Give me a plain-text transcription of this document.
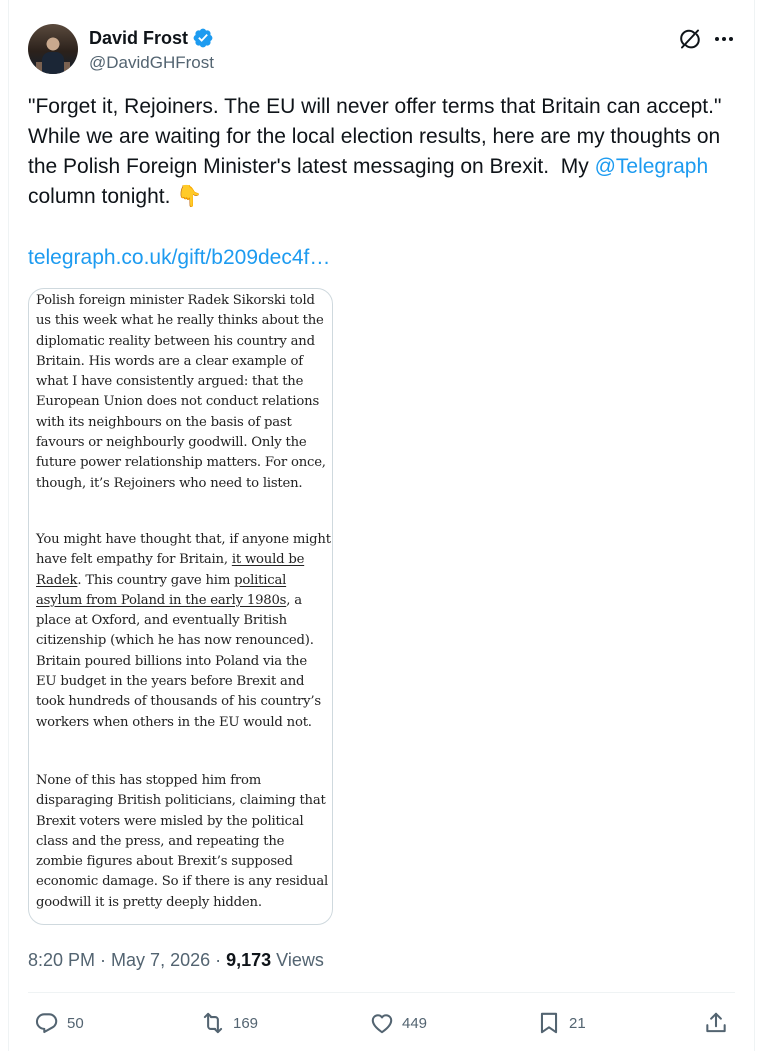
David Frost
@DavidGHFrost
"Forget it, Rejoiners. The EU will never offer terms that Britain can accept."  While we are waiting for the local election results, here are my thoughts on the Polish Foreign Minister's latest messaging on Brexit.  My @Telegraph column tonight. 👇
telegraph.co.uk/gift/b209dec4f…

Polish foreign minister Radek Sikorski told us this week what he really thinks about the diplomatic reality between his country and Britain. His words are a clear example of what I have consistently argued: that the European Union does not conduct relations with its neighbours on the basis of past favours or neighbourly goodwill. Only the future power relationship matters. For once, though, it’s Rejoiners who need to listen.

You might have thought that, if anyone might have felt empathy for Britain, it would be Radek. This country gave him political asylum from Poland in the early 1980s, a place at Oxford, and eventually British citizenship (which he has now renounced). Britain poured billions into Poland via the EU budget in the years before Brexit and took hundreds of thousands of his country’s workers when others in the EU would not.

None of this has stopped him from disparaging British politicians, claiming that Brexit voters were misled by the political class and the press, and repeating the zombie figures about Brexit’s supposed economic damage. So if there is any residual goodwill it is pretty deeply hidden.

8:20 PM · May 7, 2026 · 9,173 Views
50	169	449	21
